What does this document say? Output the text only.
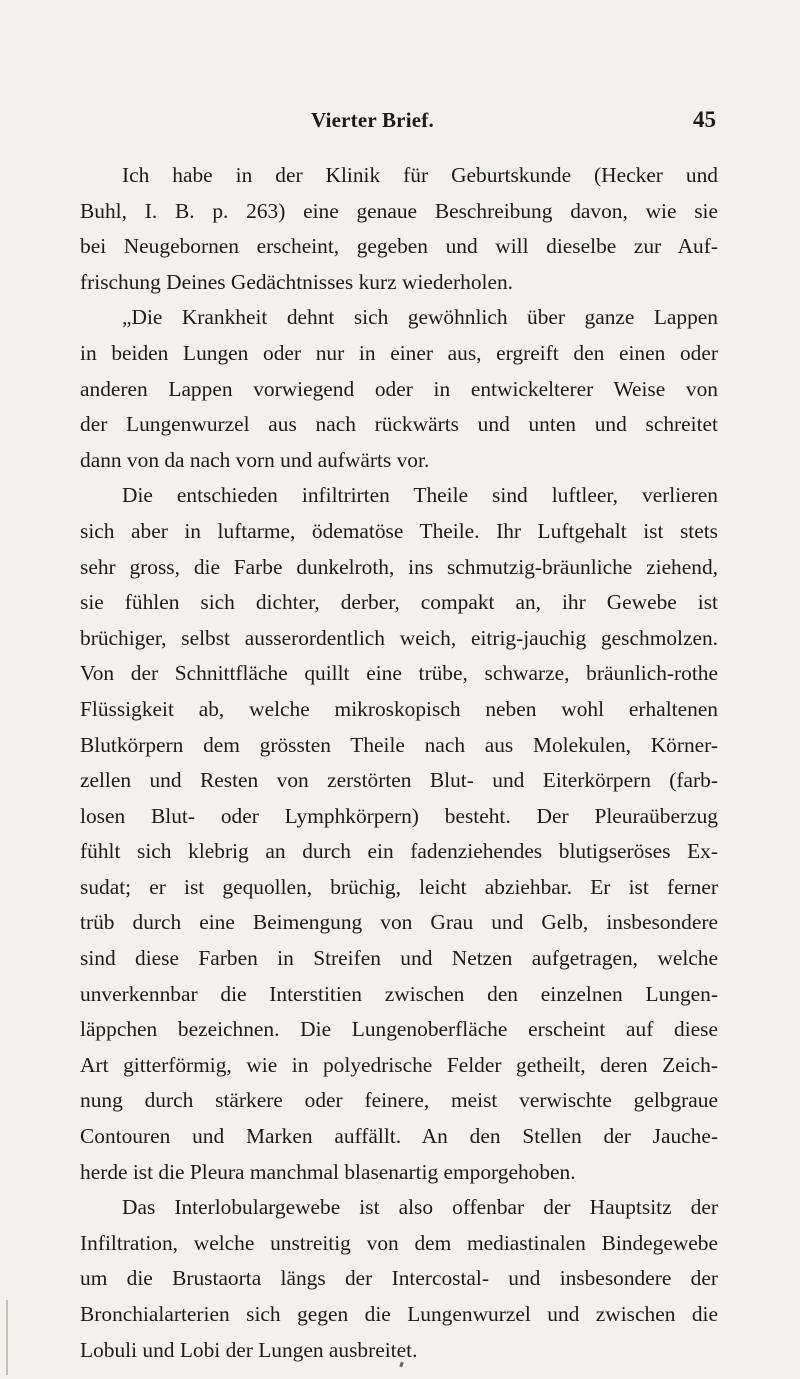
Vierter Brief.	45
Ich habe in der Klinik für Geburtskunde (Hecker und
Buhl, I. B. p. 263) eine genaue Beschreibung davon, wie sie
bei Neugebornen erscheint, gegeben und will dieselbe zur Auf-
frischung Deines Gedächtnisses kurz wiederholen.
„Die Krankheit dehnt sich gewöhnlich über ganze Lappen
in beiden Lungen oder nur in einer aus, ergreift den einen oder
anderen Lappen vorwiegend oder in entwickelterer Weise von
der Lungenwurzel aus nach rückwärts und unten und schreitet
dann von da nach vorn und aufwärts vor.
Die entschieden infiltrirten Theile sind luftleer, verlieren
sich aber in luftarme, ödematöse Theile. Ihr Luftgehalt ist stets
sehr gross, die Farbe dunkelroth, ins schmutzig-bräunliche ziehend,
sie fühlen sich dichter, derber, compakt an, ihr Gewebe ist
brüchiger, selbst ausserordentlich weich, eitrig-jauchig geschmolzen.
Von der Schnittfläche quillt eine trübe, schwarze, bräunlich-rothe
Flüssigkeit ab, welche mikroskopisch neben wohl erhaltenen
Blutkörpern dem grössten Theile nach aus Molekulen, Körner-
zellen und Resten von zerstörten Blut- und Eiterkörpern (farb-
losen Blut- oder Lymphkörpern) besteht. Der Pleuraüberzug
fühlt sich klebrig an durch ein fadenziehendes blutigseröses Ex-
sudat; er ist gequollen, brüchig, leicht abziehbar. Er ist ferner
trüb durch eine Beimengung von Grau und Gelb, insbesondere
sind diese Farben in Streifen und Netzen aufgetragen, welche
unverkennbar die Interstitien zwischen den einzelnen Lungen-
läppchen bezeichnen. Die Lungenoberfläche erscheint auf diese
Art gitterförmig, wie in polyedrische Felder getheilt, deren Zeich-
nung durch stärkere oder feinere, meist verwischte gelbgraue
Contouren und Marken auffällt. An den Stellen der Jauche-
herde ist die Pleura manchmal blasenartig emporgehoben.
Das Interlobulargewebe ist also offenbar der Hauptsitz der
Infiltration, welche unstreitig von dem mediastinalen Bindegewebe
um die Brustaorta längs der Intercostal- und insbesondere der
Bronchialarterien sich gegen die Lungenwurzel und zwischen die
Lobuli und Lobi der Lungen ausbreitet.
